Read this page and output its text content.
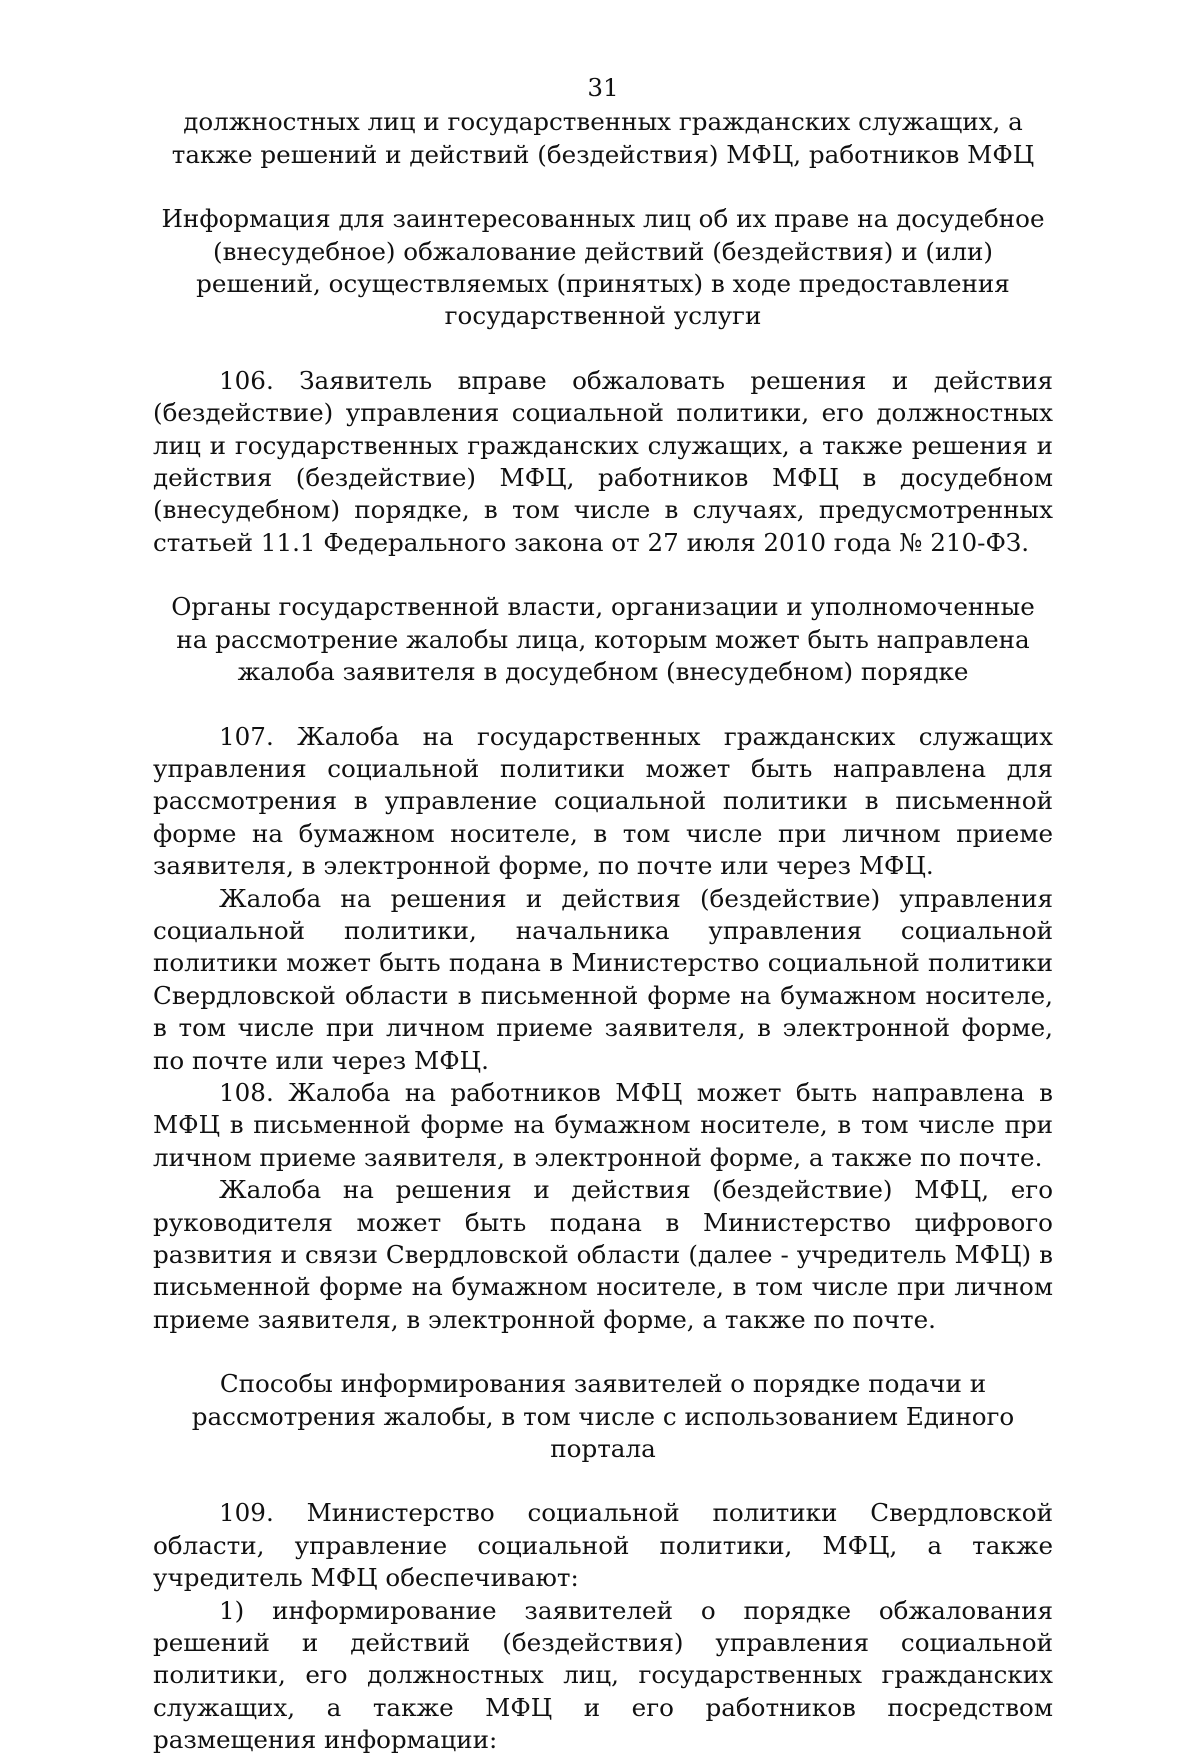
31

должностных лиц и государственных гражданских служащих, а также решений и действий (бездействия) МФЦ, работников МФЦ

Информация для заинтересованных лиц об их праве на досудебное (внесудебное) обжалование действий (бездействия) и (или) решений, осуществляемых (принятых) в ходе предоставления государственной услуги

106. Заявитель вправе обжаловать решения и действия (бездействие) управления социальной политики, его должностных лиц и государственных гражданских служащих, а также решения и действия (бездействие) МФЦ, работников МФЦ в досудебном (внесудебном) порядке, в том числе в случаях, предусмотренных статьей 11.1 Федерального закона от 27 июля 2010 года № 210-ФЗ.

Органы государственной власти, организации и уполномоченные на рассмотрение жалобы лица, которым может быть направлена жалоба заявителя в досудебном (внесудебном) порядке

107. Жалоба на государственных гражданских служащих управления социальной политики может быть направлена для рассмотрения в управление социальной политики в письменной форме на бумажном носителе, в том числе при личном приеме заявителя, в электронной форме, по почте или через МФЦ.

Жалоба на решения и действия (бездействие) управления социальной политики, начальника управления социальной политики может быть подана в Министерство социальной политики Свердловской области в письменной форме на бумажном носителе, в том числе при личном приеме заявителя, в электронной форме, по почте или через МФЦ.

108. Жалоба на работников МФЦ может быть направлена в МФЦ в письменной форме на бумажном носителе, в том числе при личном приеме заявителя, в электронной форме, а также по почте.

Жалоба на решения и действия (бездействие) МФЦ, его руководителя может быть подана в Министерство цифрового развития и связи Свердловской области (далее - учредитель МФЦ) в письменной форме на бумажном носителе, в том числе при личном приеме заявителя, в электронной форме, а также по почте.

Способы информирования заявителей о порядке подачи и рассмотрения жалобы, в том числе с использованием Единого портала

109. Министерство социальной политики Свердловской области, управление социальной политики, МФЦ, а также учредитель МФЦ обеспечивают:

1) информирование заявителей о порядке обжалования решений и действий (бездействия) управления социальной политики, его должностных лиц, государственных гражданских служащих, а также МФЦ и его работников посредством размещения информации:
